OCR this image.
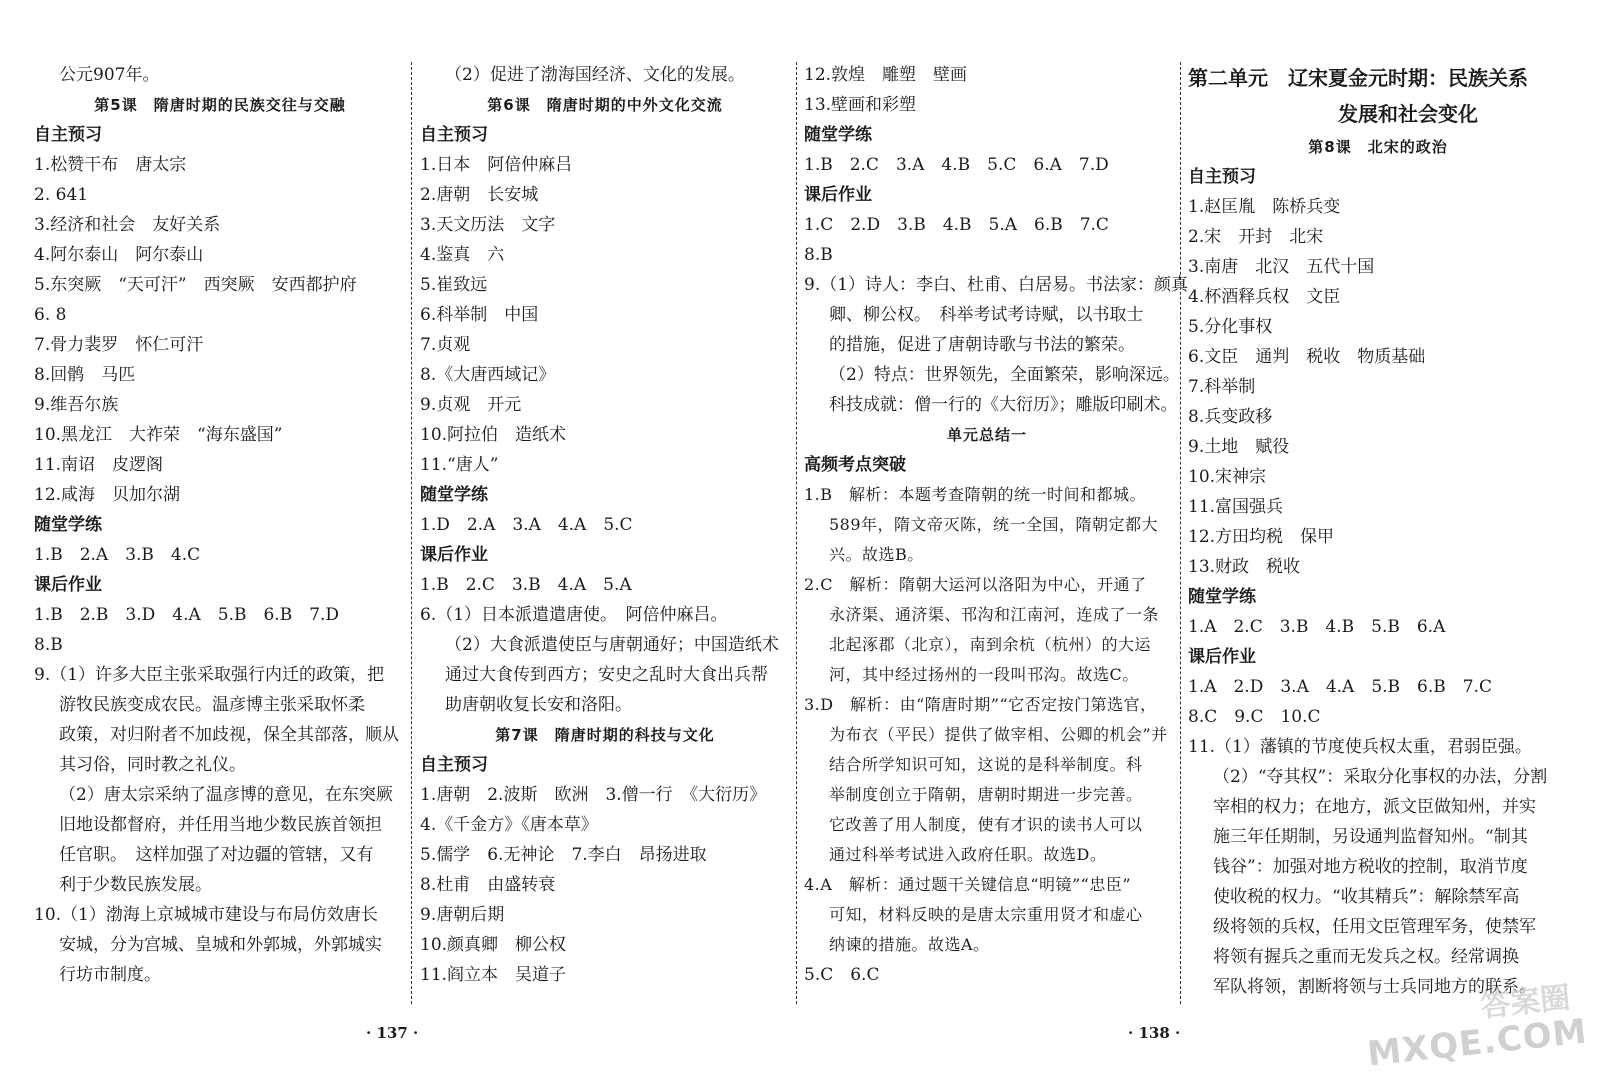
公元907年。
第5课　隋唐时期的民族交往与交融
自主预习
1.松赞干布　唐太宗
2. 641
3.经济和社会　友好关系
4.阿尔泰山　阿尔泰山
5.东突厥　“天可汗”　西突厥　安西都护府
6. 8
7.骨力裴罗　怀仁可汗
8.回鹘　马匹
9.维吾尔族
10.黑龙江　大祚荣　“海东盛国”
11.南诏　皮逻阁
12.咸海　贝加尔湖
随堂学练
1.B　2.A　3.B　4.C
课后作业
1.B　2.B　3.D　4.A　5.B　6.B　7.D
8.B
9.（1）许多大臣主张采取强行内迁的政策，把
游牧民族变成农民。温彦博主张采取怀柔
政策，对归附者不加歧视，保全其部落，顺从
其习俗，同时教之礼仪。
（2）唐太宗采纳了温彦博的意见，在东突厥
旧地设都督府，并任用当地少数民族首领担
任官职。　这样加强了对边疆的管辖，又有
利于少数民族发展。
10.（1）渤海上京城城市建设与布局仿效唐长
安城，分为宫城、皇城和外郭城，外郭城实
行坊市制度。
（2）促进了渤海国经济、文化的发展。
第6课　隋唐时期的中外文化交流
自主预习
1.日本　阿倍仲麻吕
2.唐朝　长安城
3.天文历法　文字
4.鉴真　六
5.崔致远
6.科举制　中国
7.贞观
8.《大唐西域记》
9.贞观　开元
10.阿拉伯　造纸术
11.“唐人”
随堂学练
1.D　2.A　3.A　4.A　5.C
课后作业
1.B　2.C　3.B　4.A　5.A
6.（1）日本派遣遣唐使。　阿倍仲麻吕。
（2）大食派遣使臣与唐朝通好；中国造纸术
通过大食传到西方；安史之乱时大食出兵帮
助唐朝收复长安和洛阳。
第7课　隋唐时期的科技与文化
自主预习
1.唐朝　2.波斯　欧洲　3.僧一行　《大衍历》
4.《千金方》《唐本草》
5.儒学　6.无神论　7.李白　昂扬进取
8.杜甫　由盛转衰
9.唐朝后期
10.颜真卿　柳公权
11.阎立本　吴道子
12.敦煌　雕塑　壁画
13.壁画和彩塑
随堂学练
1.B　2.C　3.A　4.B　5.C　6.A　7.D
课后作业
1.C　2.D　3.B　4.B　5.A　6.B　7.C
8.B
9.（1）诗人：李白、杜甫、白居易。书法家：颜真
卿、柳公权。　科举考试考诗赋，以书取士
的措施，促进了唐朝诗歌与书法的繁荣。
（2）特点：世界领先，全面繁荣，影响深远。
科技成就：僧一行的《大衍历》；雕版印刷术。
单元总结一
高频考点突破
1.B　解析：本题考查隋朝的统一时间和都城。
589年，隋文帝灭陈，统一全国，隋朝定都大
兴。故选B。
2.C　解析：隋朝大运河以洛阳为中心，开通了
永济渠、通济渠、邗沟和江南河，连成了一条
北起涿郡（北京），南到余杭（杭州）的大运
河，其中经过扬州的一段叫邗沟。故选C。
3.D　解析：由“隋唐时期”“它否定按门第选官，
为布衣（平民）提供了做宰相、公卿的机会”并
结合所学知识可知，这说的是科举制度。科
举制度创立于隋朝，唐朝时期进一步完善。
它改善了用人制度，使有才识的读书人可以
通过科举考试进入政府任职。故选D。
4.A　解析：通过题干关键信息“明镜”“忠臣”
可知，材料反映的是唐太宗重用贤才和虚心
纳谏的措施。故选A。
5.C　6.C
第二单元　辽宋夏金元时期：民族关系
发展和社会变化
第8课　北宋的政治
自主预习
1.赵匡胤　陈桥兵变
2.宋　开封　北宋
3.南唐　北汉　五代十国
4.杯酒释兵权　文臣
5.分化事权
6.文臣　通判　税收　物质基础
7.科举制
8.兵变政移
9.土地　赋役
10.宋神宗
11.富国强兵
12.方田均税　保甲
13.财政　税收
随堂学练
1.A　2.C　3.B　4.B　5.B　6.A
课后作业
1.A　2.D　3.A　4.A　5.B　6.B　7.C
8.C　9.C　10.C
11.（1）藩镇的节度使兵权太重，君弱臣强。
（2）“夺其权”：采取分化事权的办法，分割
宰相的权力；在地方，派文臣做知州，并实
施三年任期制，另设通判监督知州。“制其
钱谷”：加强对地方税收的控制，取消节度
使收税的权力。“收其精兵”：解除禁军高
级将领的兵权，任用文臣管理军务，使禁军
将领有握兵之重而无发兵之权。经常调换
军队将领，割断将领与士兵同地方的联系。
· 137 ·	· 138 ·
答案圈
MXQE.COM
